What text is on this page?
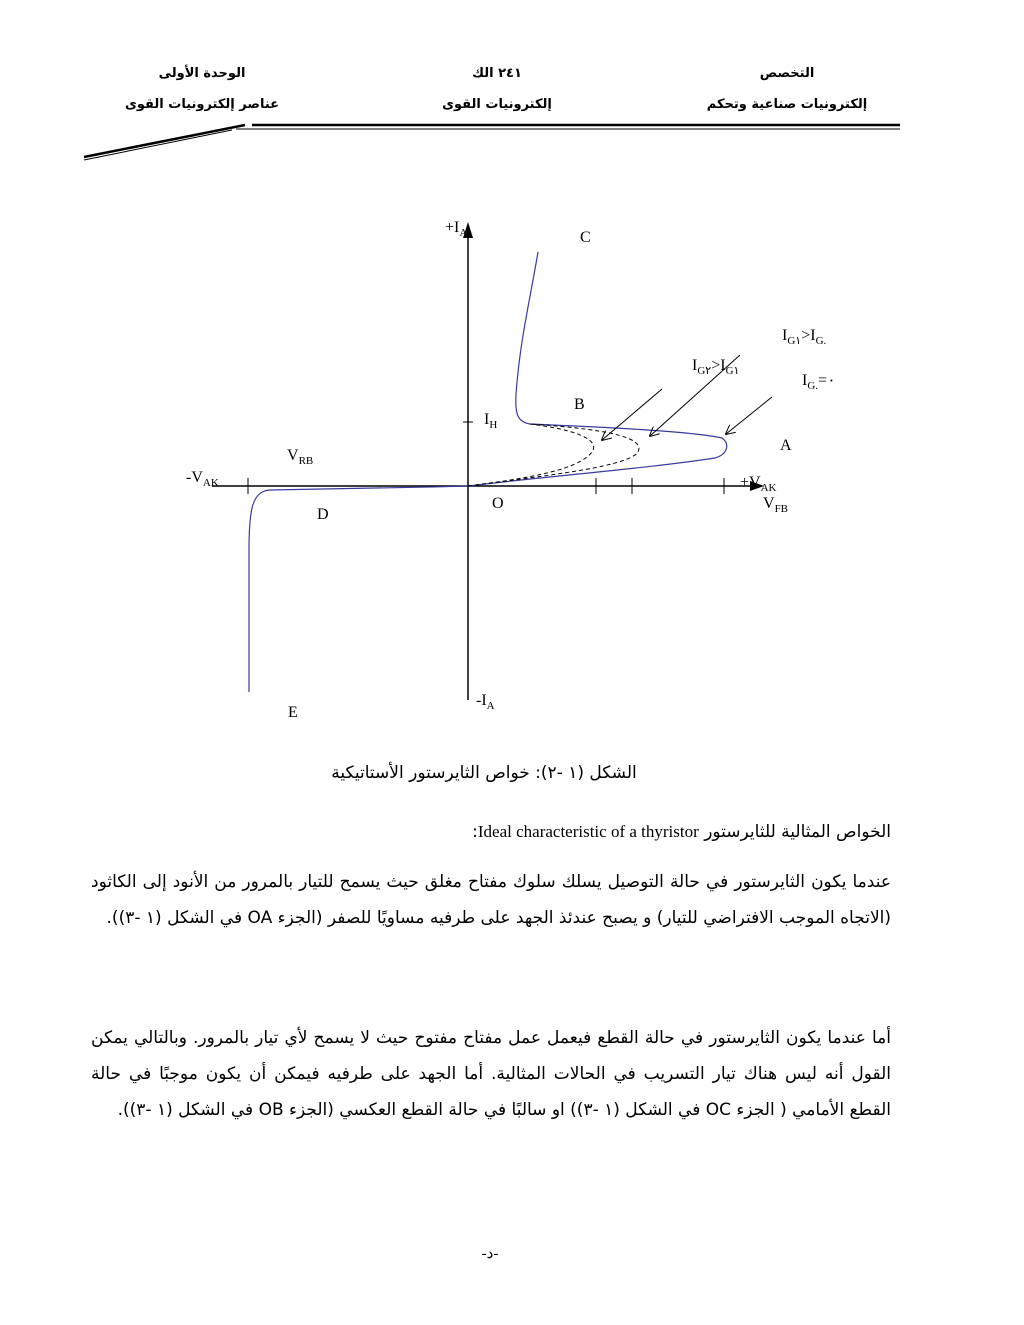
التخصص
إلكترونيات صناعية وتحكم
٢٤١ الك
إلكترونيات القوى
الوحدة الأولى
عناصر إلكترونيات القوى
$+I_A$
$-I_A$
$-V_{AK}$	$+V_{AK}$
C
B
A
D
E
O
$I_H$
$V_{RB}$
$V_{FB}$
$I_{G١}>I_{G.}$
$I_{G٢}>I_{G١}$
$I_{G.}=٠$
الشكل (١ -٢): خواص الثايرستور الأستاتيكية
الخواص المثالية للثايرستور Ideal characteristic of a thyristor:
عندما يكون الثايرستور في حالة التوصيل يسلك سلوك مفتاح مغلق حيث يسمح للتيار بالمرور من الأنود إلى الكاثود (الاتجاه الموجب الافتراضي للتيار) و يصبح عندئذ الجهد على طرفيه مساويًا للصفر (الجزء OA في الشكل (١ -٣)).
أما عندما يكون الثايرستور في حالة القطع فيعمل عمل مفتاح مفتوح حيث لا يسمح لأي تيار بالمرور. وبالتالي يمكن القول أنه ليس هناك تيار التسريب في الحالات المثالية. أما الجهد على طرفيه فيمكن أن يكون موجبًا في حالة القطع الأمامي ( الجزء OC في الشكل (١ -٣)) او سالبًا في حالة القطع العكسي (الجزء OB في الشكل (١ -٣)).
-د-
